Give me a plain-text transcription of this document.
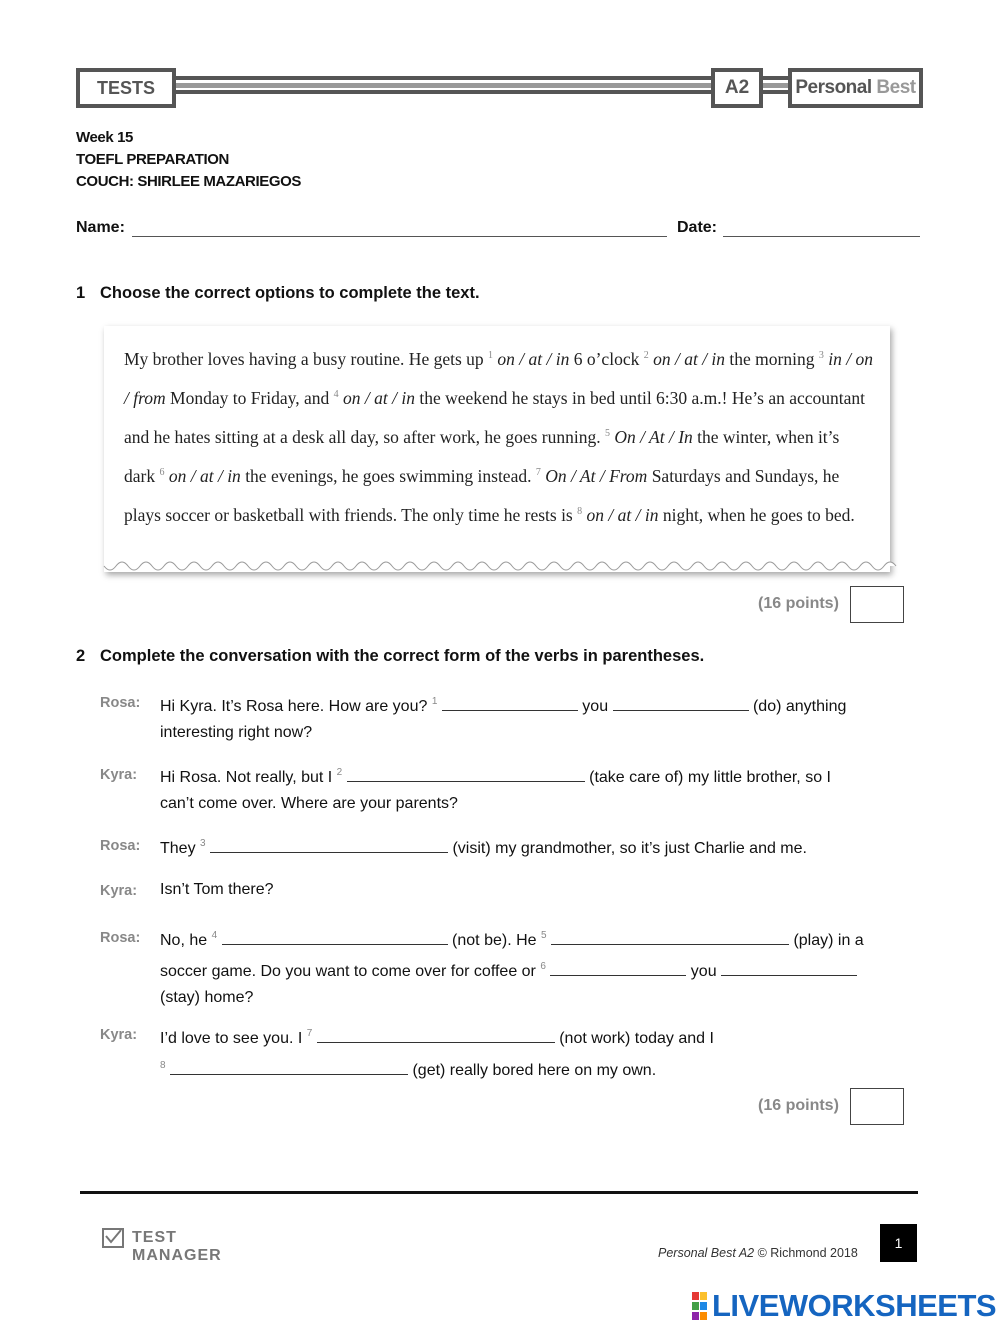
TESTS	A2 Personal
Best
Week 15
TOEFL PREPARATION
COUCH: SHIRLEE MAZARIEGOS
Name:	Date:
1 Choose the correct options to complete the text.

My brother loves having a busy routine. He gets up $^1$ on / at / in 6 o’clock $^2$ on / at / in the morning $^3$ in / on / from Monday to Friday, and $^4$ on / at / in the weekend he stays in bed until 6:30 a.m.! He’s an accountant and he hates sitting at a desk all day, so after work, he goes running. $^5$ On / At / In the winter, when it’s dark $^6$ on / at / in the evenings, he goes swimming instead. $^7$ On / At / From Saturdays and Sundays, he plays soccer or basketball with friends. The only time he rests is $^8$ on / at / in night, when he goes to bed.

(16 points)
2 Complete the conversation with the correct form of the verbs in parentheses.
Rosa: Hi Kyra. It’s Rosa here. How are you? $^1$	you	(do) anything
interesting right now?
Kyra: Hi Rosa. Not really, but I $^2$	(take care of) my little brother, so I
can’t come over. Where are your parents?
Rosa: They $^3$	(visit) my grandmother, so it’s just Charlie and me.
Kyra: Isn’t Tom there?
Rosa: No, he $^4$	(not be). He $^5$	(play) in a
soccer game. Do you want to come over for coffee or $^6$	you
(stay) home?
Kyra: I’d love to see you. I $^7$	(not work) today and I
$^8$	(get) really bored here on my own.
(16 points)
TEST MANAGER	Personal Best A2 © Richmond 2018
1
LIVEWORKSHEETS
